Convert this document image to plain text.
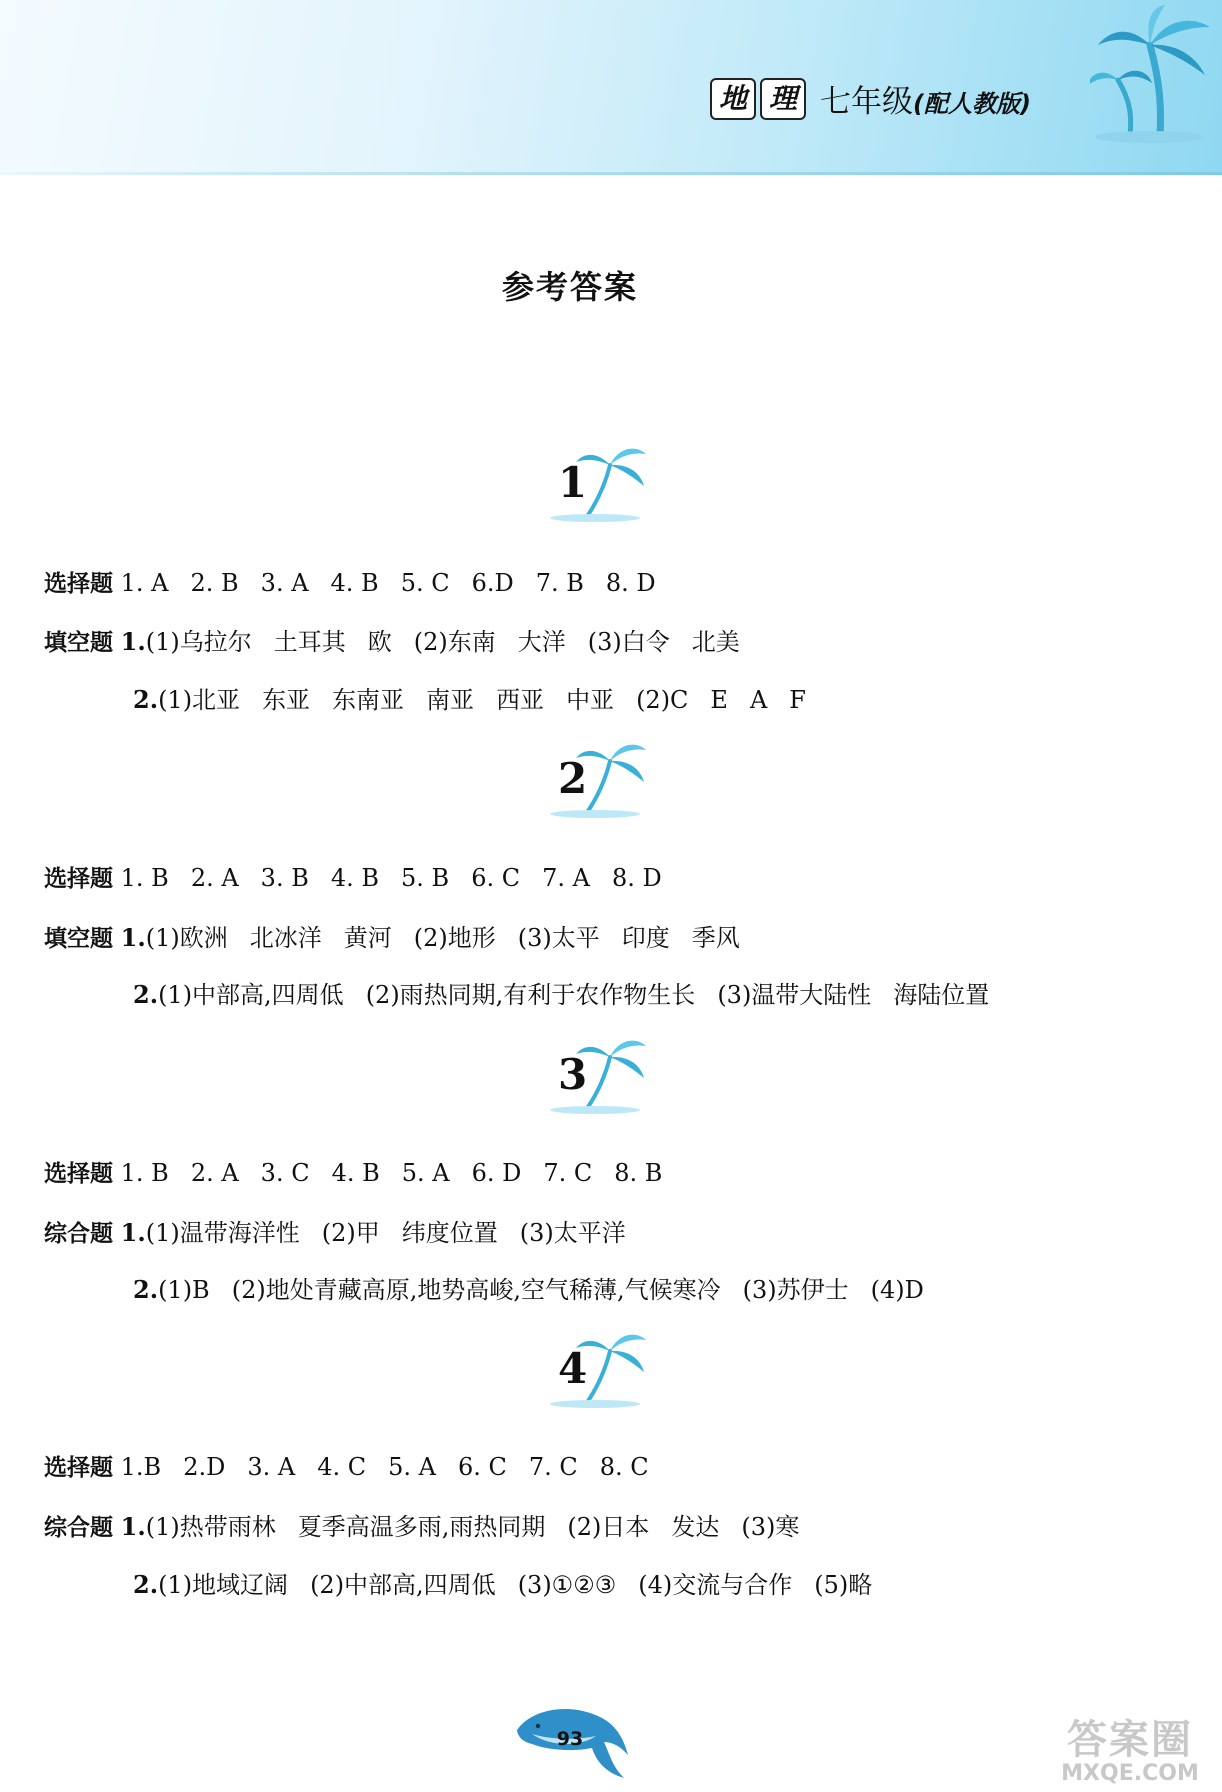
地 理 七年级(配人教版)
参考答案
1
选择题 1. A 2. B 3. A 4. B 5. C 6.D 7. B 8. D
填空题 1.(1)乌拉尔 土耳其 欧 (2)东南 大洋 (3)白令 北美
2.(1)北亚 东亚 东南亚 南亚 西亚 中亚 (2)C E A F
2
选择题 1. B 2. A 3. B 4. B 5. B 6. C 7. A 8. D
填空题 1.(1)欧洲 北冰洋 黄河 (2)地形 (3)太平 印度 季风
2.(1)中部高,四周低 (2)雨热同期,有利于农作物生长 (3)温带大陆性 海陆位置
3
选择题 1. B 2. A 3. C 4. B 5. A 6. D 7. C 8. B
综合题 1.(1)温带海洋性 (2)甲 纬度位置 (3)太平洋
2.(1)B (2)地处青藏高原,地势高峻,空气稀薄,气候寒冷 (3)苏伊士 (4)D
4
选择题 1.B 2.D 3. A 4. C 5. A 6. C 7. C 8. C
综合题 1.(1)热带雨林 夏季高温多雨,雨热同期 (2)日本 发达 (3)寒
2.(1)地域辽阔 (2)中部高,四周低 (3)①②③ (4)交流与合作 (5)略
93	答案圈
MXQE.COM
